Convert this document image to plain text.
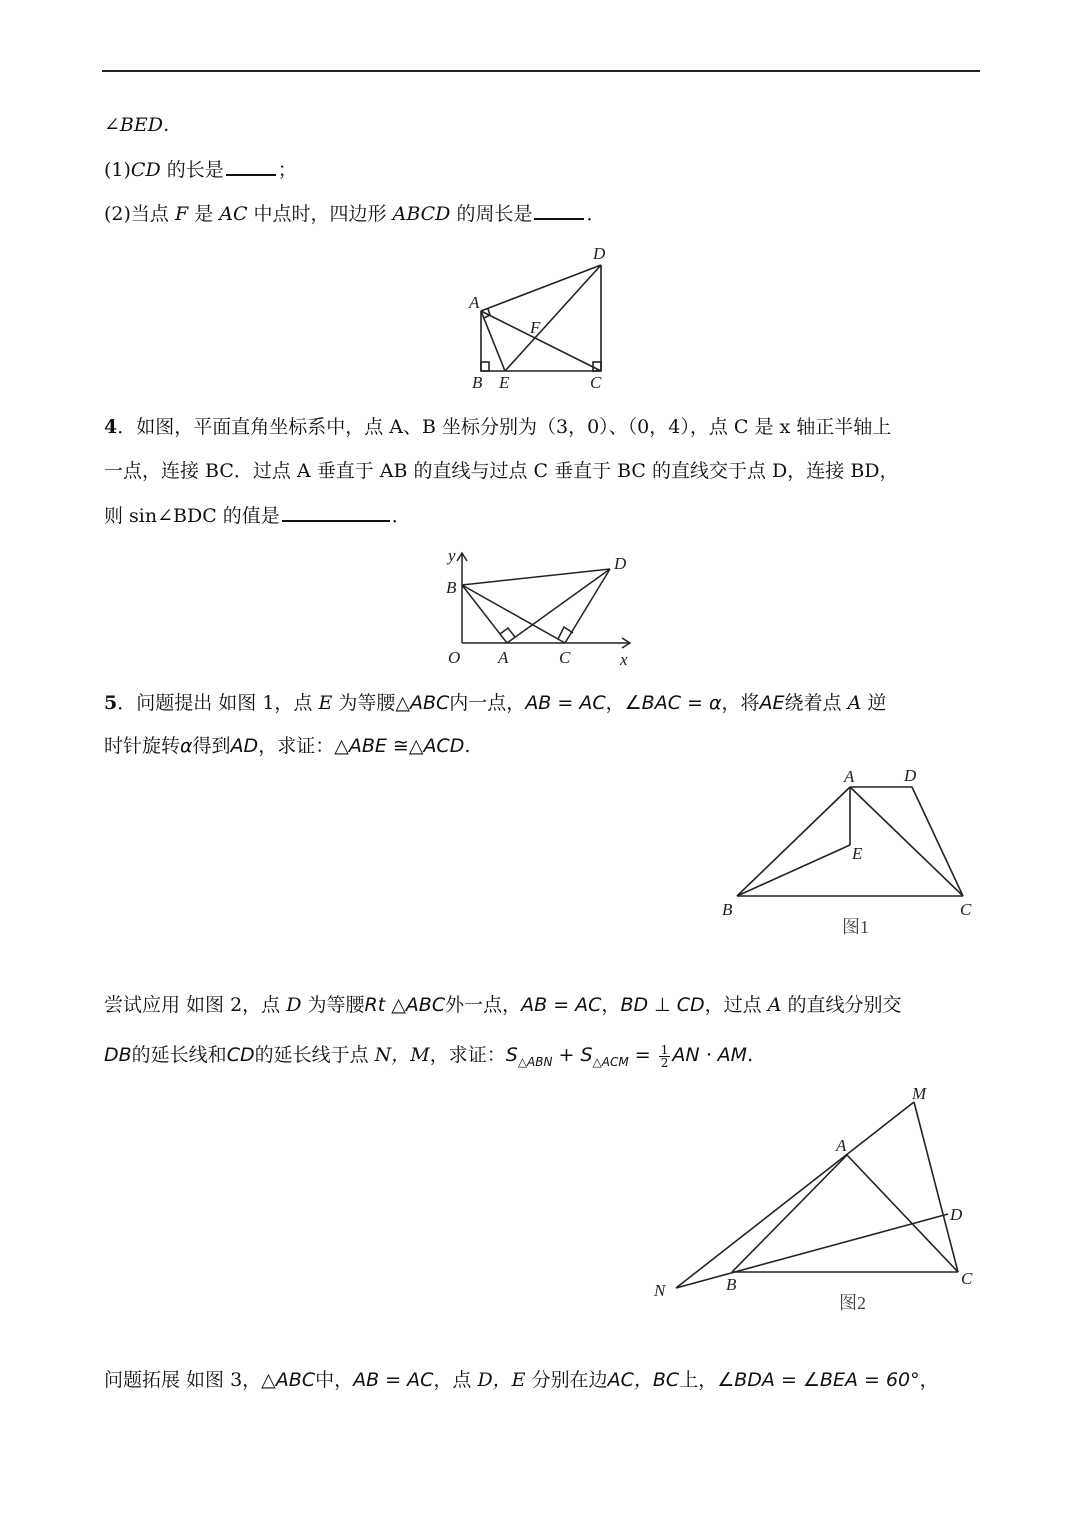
∠BED．
(1)CD 的长是	；
(2)当点 F 是 AC 中点时，四边形 ABCD 的周长是	．
A
B E	C
D
F
4．如图，平面直角坐标系中，点 A、B 坐标分别为（3，0）、（0，4），点 C 是 x 轴正半轴上
一点，连接 BC．过点 A 垂直于 AB 的直线与过点 C 垂直于 BC 的直线交于点 D，连接 BD，
则 sin∠BDC 的值是	．
y
x
O A	C
B
D
5．问题提出 如图 1，点 E 为等腰△ABC内一点，AB = AC，∠BAC = α，将AE绕着点 A 逆
时针旋转α得到AD，求证：△ABE ≅△ACD.
A	D
E
B	C
图1
尝试应用 如图 2，点 D 为等腰Rt △ABC外一点，AB = AC，BD ⊥ CD，过点 A 的直线分别交
DB的延长线和CD的延长线于点 N，M，求证：$S_{\triangle ABN} + S_{\triangle ACM} = \frac{1}{2}$ AN · AM.
M
A
D
N	B	C
图2
问题拓展 如图 3，△ABC中，AB = AC，点 D，E 分别在边AC，BC上，∠BDA = ∠BEA = 60°，
